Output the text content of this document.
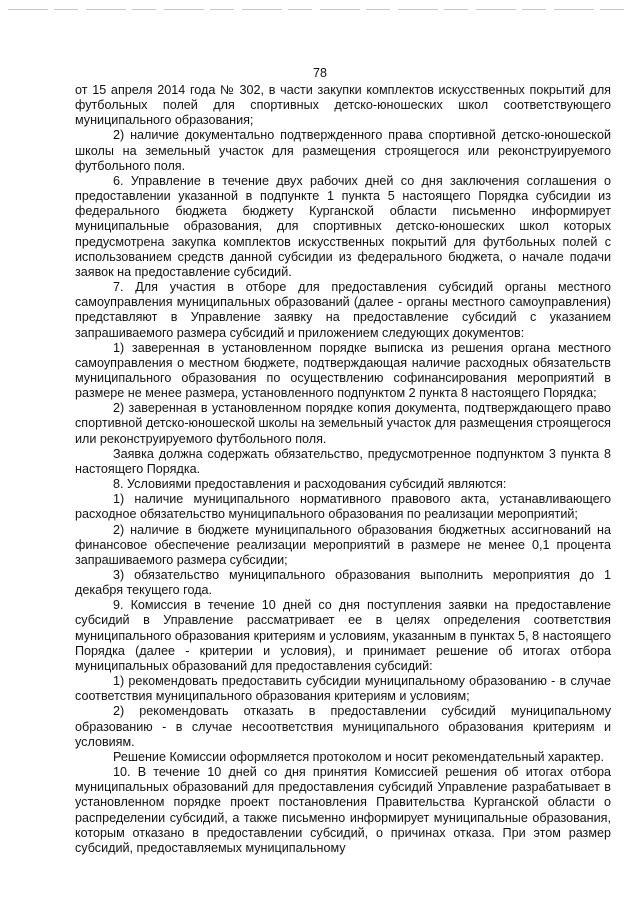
78

от 15 апреля 2014 года № 302, в части закупки комплектов искусственных покрытий для футбольных полей для спортивных детско-юношеских школ соответствующего муниципального образования;

2) наличие документально подтвержденного права спортивной детско-юношеской школы на земельный участок для размещения строящегося или реконструируемого футбольного поля.

6. Управление в течение двух рабочих дней со дня заключения соглашения о предоставлении указанной в подпункте 1 пункта 5 настоящего Порядка субсидии из федерального бюджета бюджету Курганской области письменно информирует муниципальные образования, для спортивных детско-юношеских школ которых предусмотрена закупка комплектов искусственных покрытий для футбольных полей с использованием средств данной субсидии из федерального бюджета, о начале подачи заявок на предоставление субсидий.

7. Для участия в отборе для предоставления субсидий органы местного самоуправления муниципальных образований (далее - органы местного самоуправления) представляют в Управление заявку на предоставление субсидий с указанием запрашиваемого размера субсидий и приложением следующих документов:

1) заверенная в установленном порядке выписка из решения органа местного самоуправления о местном бюджете, подтверждающая наличие расходных обязательств муниципального образования по осуществлению софинансирования мероприятий в размере не менее размера, установленного подпунктом 2 пункта 8 настоящего Порядка;

2) заверенная в установленном порядке копия документа, подтверждающего право спортивной детско-юношеской школы на земельный участок для размещения строящегося или реконструируемого футбольного поля.

Заявка должна содержать обязательство, предусмотренное подпунктом 3 пункта 8 настоящего Порядка.

8. Условиями предоставления и расходования субсидий являются:

1) наличие муниципального нормативного правового акта, устанавливающего расходное обязательство муниципального образования по реализации мероприятий;

2) наличие в бюджете муниципального образования бюджетных ассигнований на финансовое обеспечение реализации мероприятий в размере не менее 0,1 процента запрашиваемого размера субсидии;

3) обязательство муниципального образования выполнить мероприятия до 1 декабря текущего года.

9. Комиссия в течение 10 дней со дня поступления заявки на предоставление субсидий в Управление рассматривает ее в целях определения соответствия муниципального образования критериям и условиям, указанным в пунктах 5, 8 настоящего Порядка (далее - критерии и условия), и принимает решение об итогах отбора муниципальных образований для предоставления субсидий:

1) рекомендовать предоставить субсидии муниципальному образованию - в случае соответствия муниципального образования критериям и условиям;

2) рекомендовать отказать в предоставлении субсидий муниципальному образованию - в случае несоответствия муниципального образования критериям и условиям.

Решение Комиссии оформляется протоколом и носит рекомендательный характер.

10. В течение 10 дней со дня принятия Комиссией решения об итогах отбора муниципальных образований для предоставления субсидий Управление разрабатывает в установленном порядке проект постановления Правительства Курганской области о распределении субсидий, а также письменно информирует муниципальные образования, которым отказано в предоставлении субсидий, о причинах отказа. При этом размер субсидий, предоставляемых муниципальному
